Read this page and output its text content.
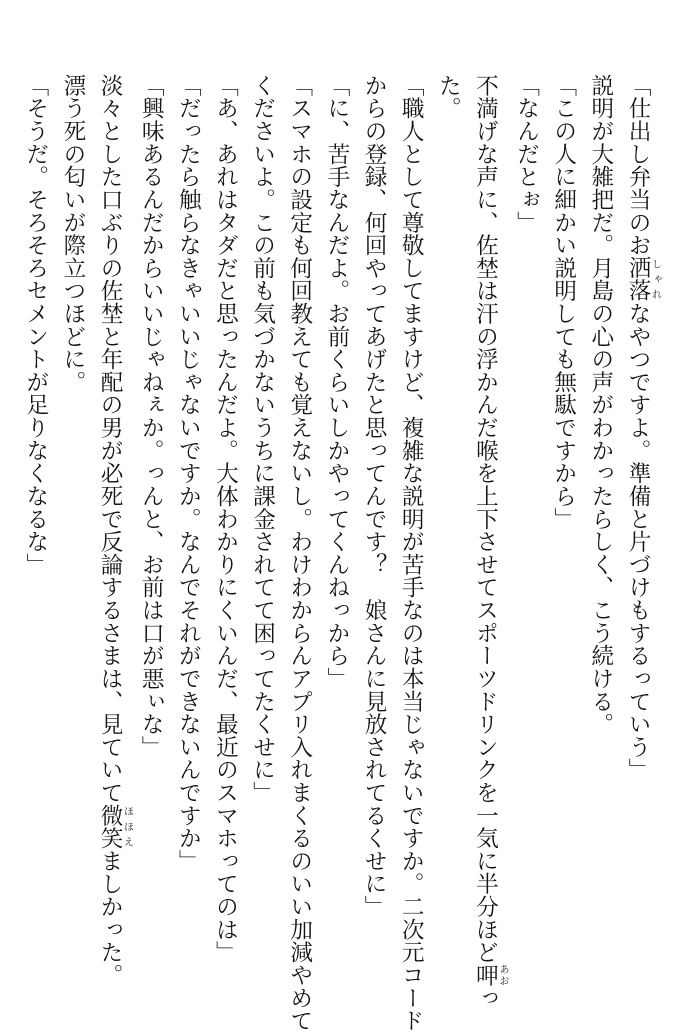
「仕出し弁当のお洒落しゃれなやつですよ。準備と片づけもするっていう」
説明が大雑把だ。月島の心の声がわかったらしく、こう続ける。
「この人に細かい説明しても無駄ですから」
「なんだとぉ」
不満げな声に、佐埜は汗の浮かんだ喉を上下させてスポーツドリンクを一気に半分ほど呷あおっ
た。
「職人として尊敬してますけど、複雑な説明が苦手なのは本当じゃないですか。二次元コード
からの登録、何回やってあげたと思ってんです？　娘さんに見放されてるくせに」
「に、苦手なんだよ。お前くらいしかやってくんねっから」
「スマホの設定も何回教えても覚えないし。わけわからんアプリ入れまくるのいい加減やめて
くださいよ。この前も気づかないうちに課金されてて困ってたくせに」
「あ、あれはタダだと思ったんだよ。大体わかりにくいんだ、最近のスマホってのは」
「だったら触らなきゃいいじゃないですか。なんでそれができないんですか」
「興味あるんだからいいじゃねぇか。っんと、お前は口が悪ぃな」
淡々とした口ぶりの佐埜と年配の男が必死で反論するさまは、見ていて微笑ほほえましかった。
漂う死の匂いが際立つほどに。
「そうだ。そろそろセメントが足りなくなるな」
